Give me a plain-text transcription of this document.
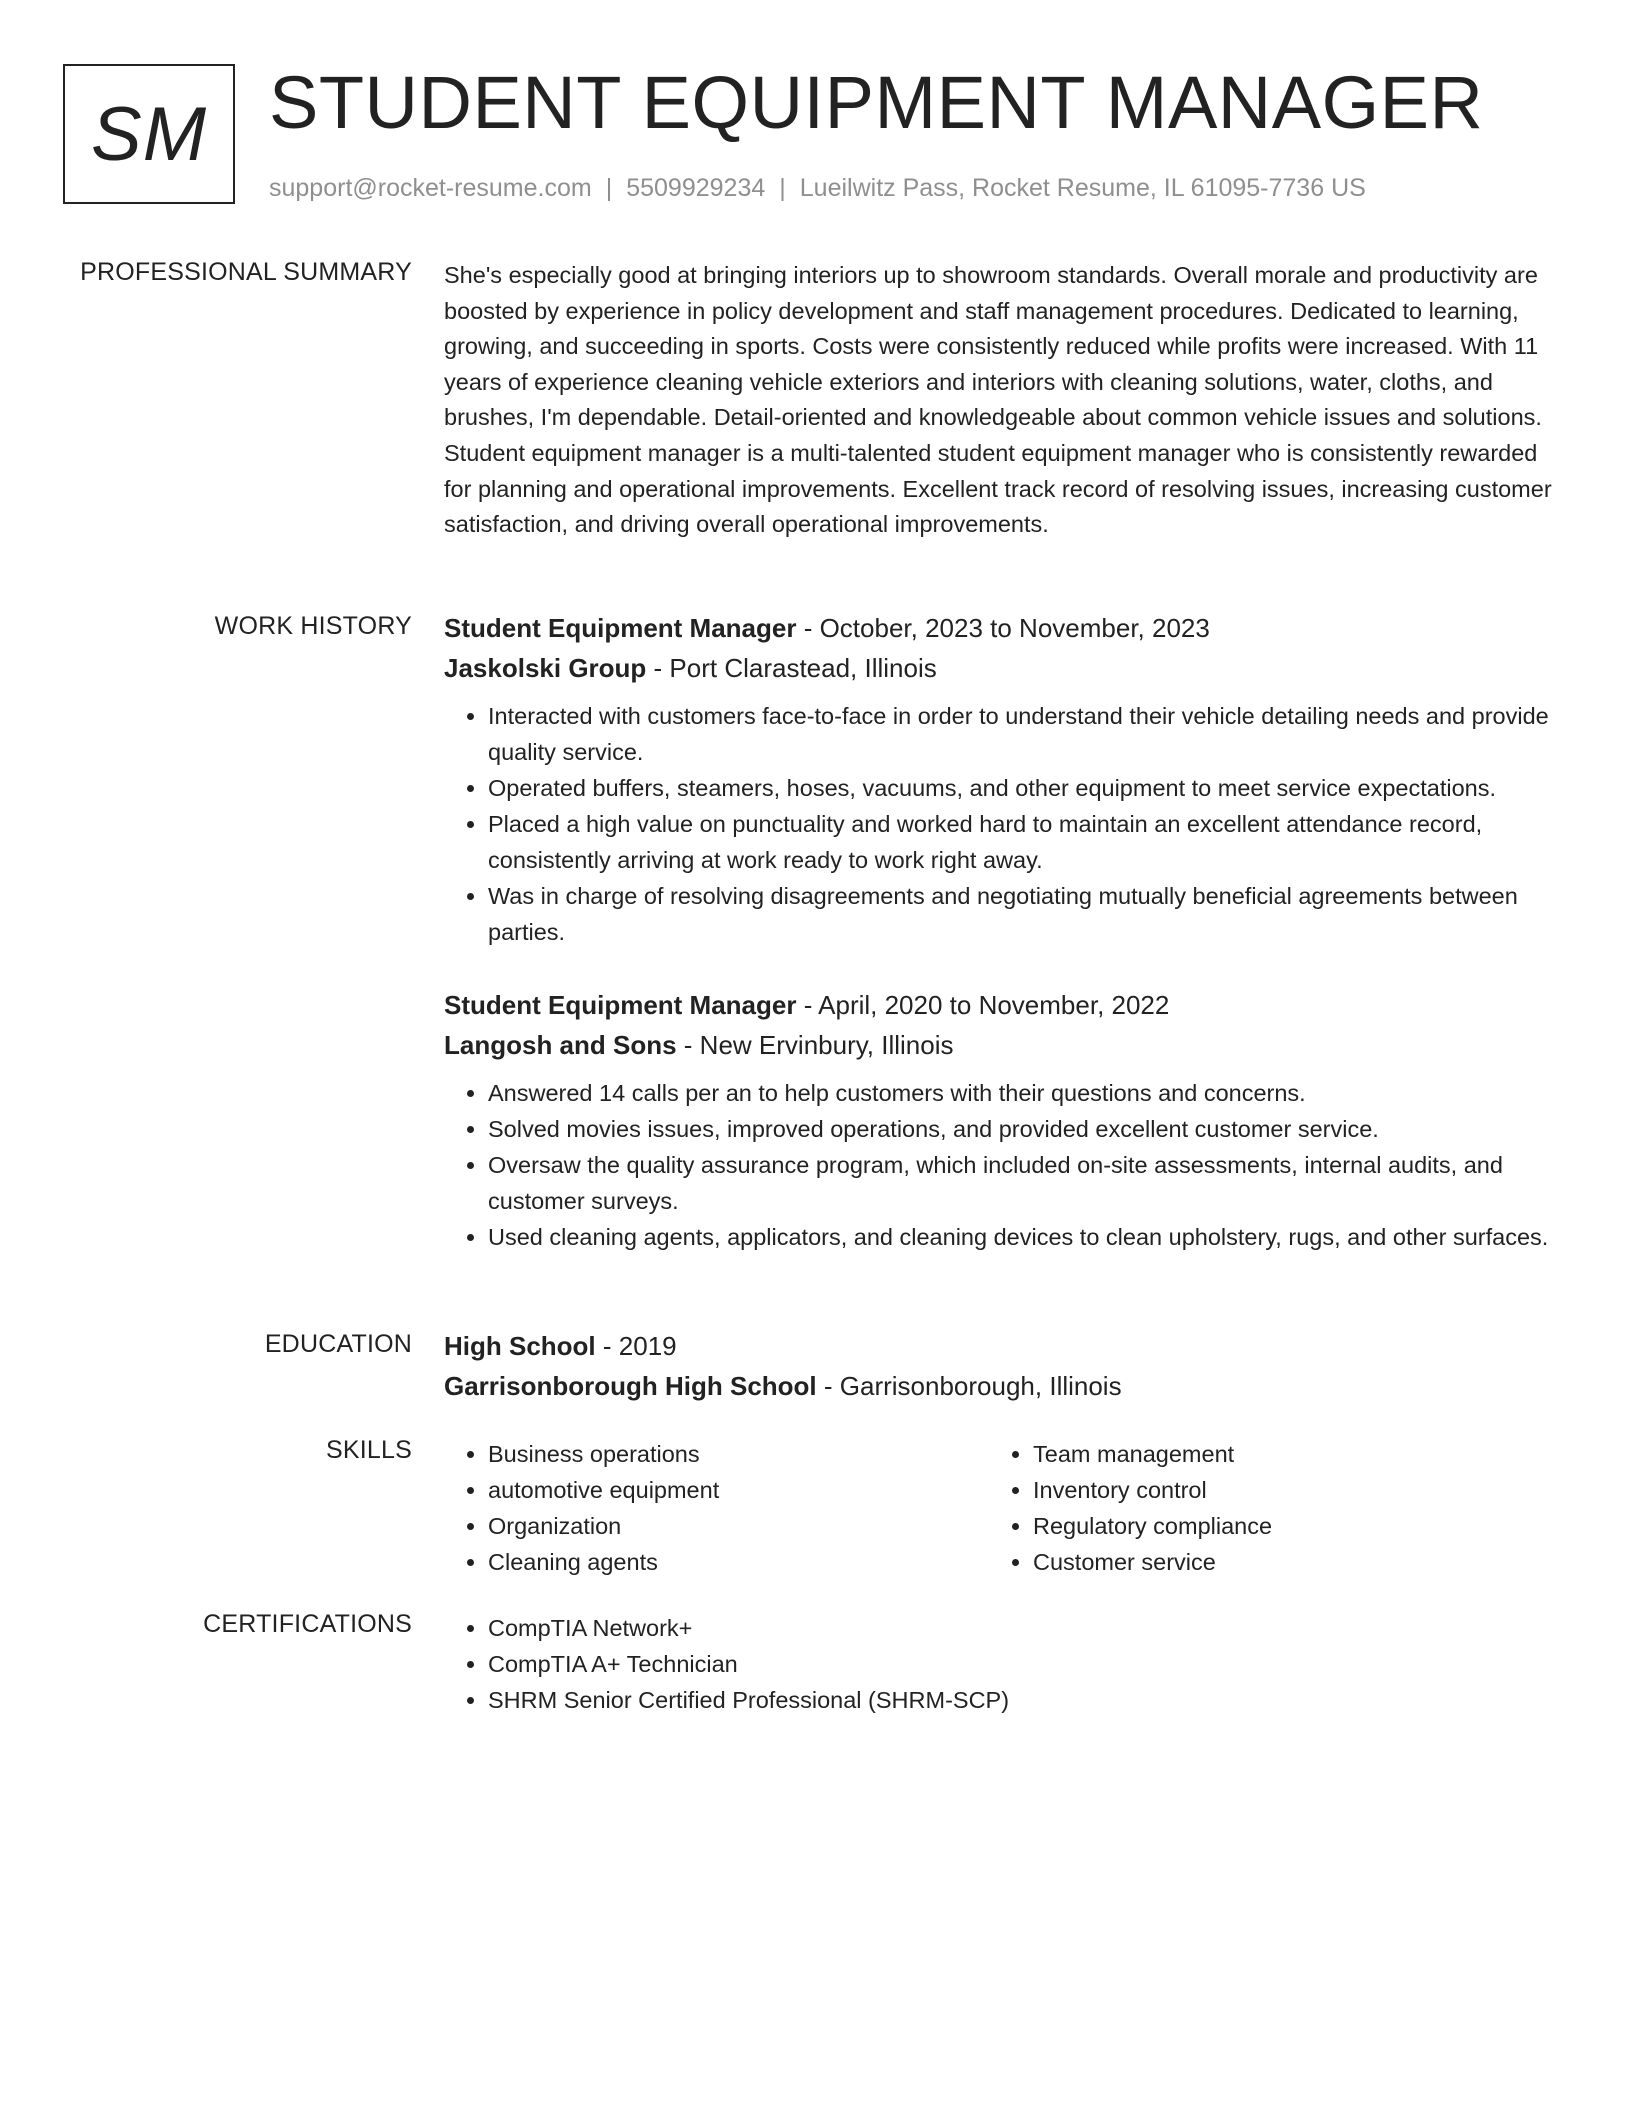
SM STUDENT EQUIPMENT MANAGER
support@rocket-resume.com | 5509929234 | Lueilwitz Pass, Rocket Resume, IL 61095-7736 US
PROFESSIONAL SUMMARY She's especially good at bringing interiors up to showroom standards. Overall morale and productivity are boosted by experience in policy development and staff management procedures. Dedicated to learning, growing, and succeeding in sports. Costs were consistently reduced while profits were increased. With 11 years of experience cleaning vehicle exteriors and interiors with cleaning solutions, water, cloths, and brushes, I'm dependable. Detail-oriented and knowledgeable about common vehicle issues and solutions. Student equipment manager is a multi-talented student equipment manager who is consistently rewarded for planning and operational improvements. Excellent track record of resolving issues, increasing customer satisfaction, and driving overall operational improvements.

WORK HISTORY Student Equipment Manager - October, 2023 to November, 2023
Jaskolski Group - Port Clarastead, Illinois
• Interacted with customers face-to-face in order to understand their vehicle detailing needs and provide quality service.
• Operated buffers, steamers, hoses, vacuums, and other equipment to meet service expectations.
• Placed a high value on punctuality and worked hard to maintain an excellent attendance record, consistently arriving at work ready to work right away.
• Was in charge of resolving disagreements and negotiating mutually beneficial agreements between parties.
Student Equipment Manager - April, 2020 to November, 2022
Langosh and Sons - New Ervinbury, Illinois
• Answered 14 calls per an to help customers with their questions and concerns.
• Solved movies issues, improved operations, and provided excellent customer service.
• Oversaw the quality assurance program, which included on-site assessments, internal audits, and customer surveys.
• Used cleaning agents, applicators, and cleaning devices to clean upholstery, rugs, and other surfaces.
EDUCATION High School - 2019
Garrisonborough High School - Garrisonborough, Illinois
SKILLS	• Business operations
• automotive equipment
• Organization
• Cleaning agents
• Team management
• Inventory control
• Regulatory compliance
• Customer service
CERTIFICATIONS	• CompTIA Network+
• CompTIA A+ Technician
• SHRM Senior Certified Professional (SHRM-SCP)
